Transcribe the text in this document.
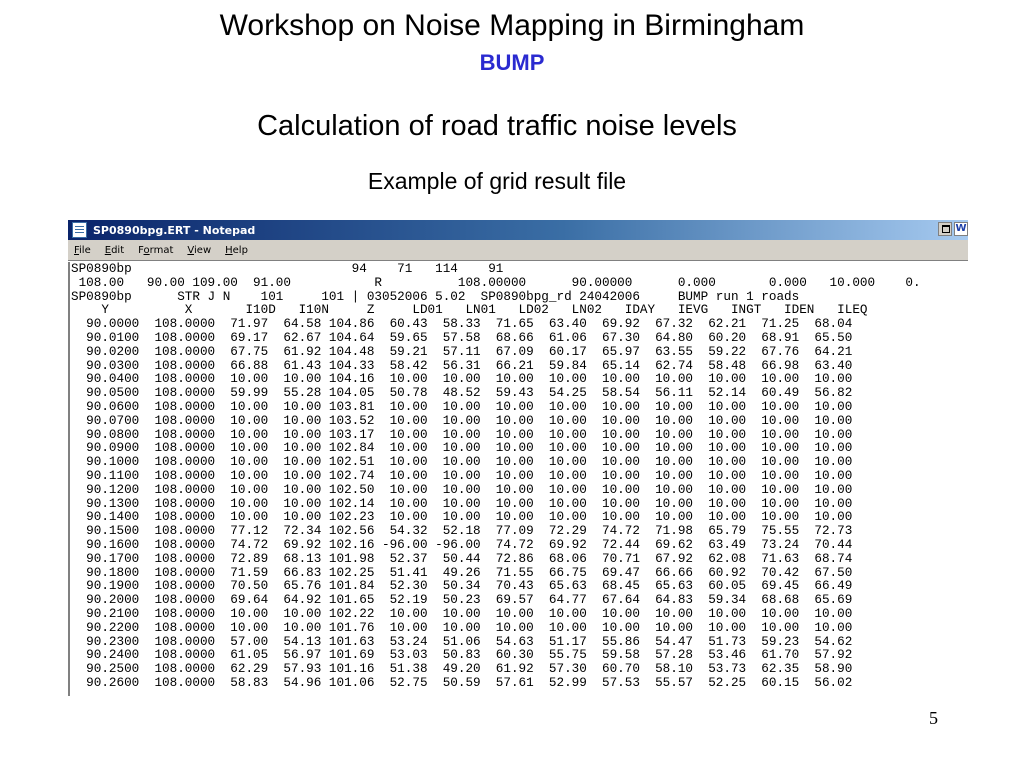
Workshop on Noise Mapping in Birmingham
BUMP
Calculation of road traffic noise levels
Example of grid result file
SP0890bpg.ERT - Notepad	W
File	Edit	Format	View	Help
SP0890bp                             94    71   114    91
108.00   90.00 109.00  91.00           R          108.00000      90.00000      0.000       0.000   10.000    0.
SP0890bp      STR J N    101     101 | 03052006 5.02  SP0890bpg_rd 24042006     BUMP run 1 roads
Y          X       I10D   I10N     Z     LD01   LN01   LD02   LN02   IDAY   IEVG   INGT   IDEN   ILEQ
90.0000  108.0000  71.97  64.58 104.86  60.43  58.33  71.65  63.40  69.92  67.32  62.21  71.25  68.04
90.0100  108.0000  69.17  62.67 104.64  59.65  57.58  68.66  61.06  67.30  64.80  60.20  68.91  65.50
90.0200  108.0000  67.75  61.92 104.48  59.21  57.11  67.09  60.17  65.97  63.55  59.22  67.76  64.21
90.0300  108.0000  66.88  61.43 104.33  58.42  56.31  66.21  59.84  65.14  62.74  58.48  66.98  63.40
90.0400  108.0000  10.00  10.00 104.16  10.00  10.00  10.00  10.00  10.00  10.00  10.00  10.00  10.00
90.0500  108.0000  59.99  55.28 104.05  50.78  48.52  59.43  54.25  58.54  56.11  52.14  60.49  56.82
90.0600  108.0000  10.00  10.00 103.81  10.00  10.00  10.00  10.00  10.00  10.00  10.00  10.00  10.00
90.0700  108.0000  10.00  10.00 103.52  10.00  10.00  10.00  10.00  10.00  10.00  10.00  10.00  10.00
90.0800  108.0000  10.00  10.00 103.17  10.00  10.00  10.00  10.00  10.00  10.00  10.00  10.00  10.00
90.0900  108.0000  10.00  10.00 102.84  10.00  10.00  10.00  10.00  10.00  10.00  10.00  10.00  10.00
90.1000  108.0000  10.00  10.00 102.51  10.00  10.00  10.00  10.00  10.00  10.00  10.00  10.00  10.00
90.1100  108.0000  10.00  10.00 102.74  10.00  10.00  10.00  10.00  10.00  10.00  10.00  10.00  10.00
90.1200  108.0000  10.00  10.00 102.50  10.00  10.00  10.00  10.00  10.00  10.00  10.00  10.00  10.00
90.1300  108.0000  10.00  10.00 102.14  10.00  10.00  10.00  10.00  10.00  10.00  10.00  10.00  10.00
90.1400  108.0000  10.00  10.00 102.23  10.00  10.00  10.00  10.00  10.00  10.00  10.00  10.00  10.00
90.1500  108.0000  77.12  72.34 102.56  54.32  52.18  77.09  72.29  74.72  71.98  65.79  75.55  72.73
90.1600  108.0000  74.72  69.92 102.16 -96.00 -96.00  74.72  69.92  72.44  69.62  63.49  73.24  70.44
90.1700  108.0000  72.89  68.13 101.98  52.37  50.44  72.86  68.06  70.71  67.92  62.08  71.63  68.74
90.1800  108.0000  71.59  66.83 102.25  51.41  49.26  71.55  66.75  69.47  66.66  60.92  70.42  67.50
90.1900  108.0000  70.50  65.76 101.84  52.30  50.34  70.43  65.63  68.45  65.63  60.05  69.45  66.49
90.2000  108.0000  69.64  64.92 101.65  52.19  50.23  69.57  64.77  67.64  64.83  59.34  68.68  65.69
90.2100  108.0000  10.00  10.00 102.22  10.00  10.00  10.00  10.00  10.00  10.00  10.00  10.00  10.00
90.2200  108.0000  10.00  10.00 101.76  10.00  10.00  10.00  10.00  10.00  10.00  10.00  10.00  10.00
90.2300  108.0000  57.00  54.13 101.63  53.24  51.06  54.63  51.17  55.86  54.47  51.73  59.23  54.62
90.2400  108.0000  61.05  56.97 101.69  53.03  50.83  60.30  55.75  59.58  57.28  53.46  61.70  57.92
90.2500  108.0000  62.29  57.93 101.16  51.38  49.20  61.92  57.30  60.70  58.10  53.73  62.35  58.90
90.2600  108.0000  58.83  54.96 101.06  52.75  50.59  57.61  52.99  57.53  55.57  52.25  60.15  56.02
5
